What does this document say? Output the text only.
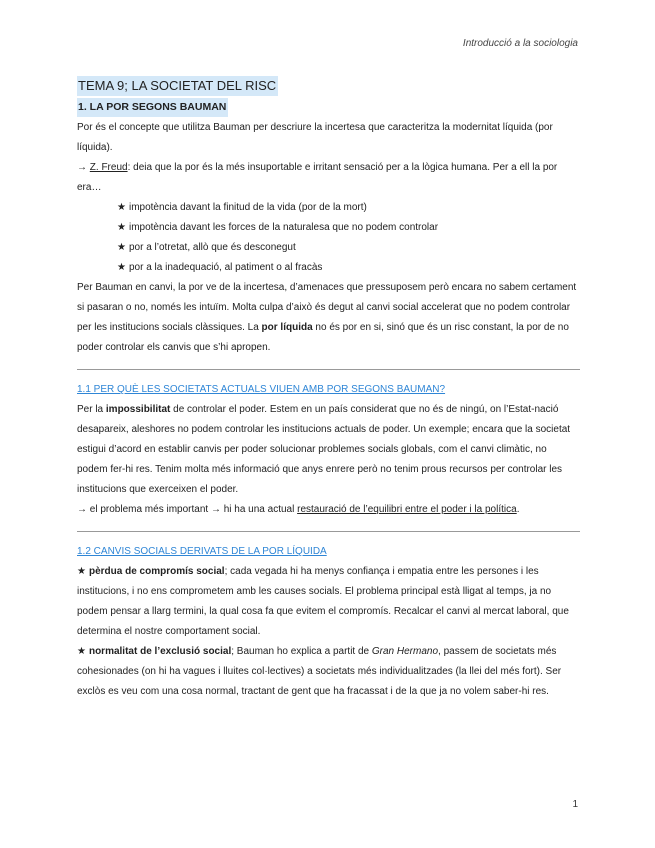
Introducció a la sociologia
TEMA 9; LA SOCIETAT DEL RISC
1. LA POR SEGONS BAUMAN

Por és el concepte que utilitza Bauman per descriure la incertesa que caracteritza la modernitat líquida (por líquida).

→ Z. Freud: deia que la por és la més insuportable e irritant sensació per a la lògica humana. Per a ell la por era…

★ impotència davant la finitud de la vida (por de la mort)
★ impotència davant les forces de la naturalesa que no podem controlar
★ por a l’otretat, allò que és desconegut
★ por a la inadequació, al patiment o al fracàs

Per Bauman en canvi, la por ve de la incertesa, d’amenaces que pressuposem però encara no sabem certament si pasaran o no, només les intuïm. Molta culpa d’això és degut al canvi social accelerat que no podem controlar per les institucions socials clàssiques. La por líquida no és por en si, sinó que és un risc constant, la por de no poder controlar els canvis que s’hi apropen.

1.1 PER QUÈ LES SOCIETATS ACTUALS VIUEN AMB POR SEGONS BAUMAN?

Per la impossibilitat de controlar el poder. Estem en un país considerat que no és de ningú, on l’Estat-nació desapareix, aleshores no podem controlar les institucions actuals de poder. Un exemple; encara que la societat estigui d’acord en establir canvis per poder solucionar problemes socials globals, com el canvi climàtic, no podem fer-hi res. Tenim molta més informació que anys enrere però no tenim prous recursos per controlar les institucions que exerceixen el poder.

→ el problema més important → hi ha una actual restauració de l’equilibri entre el poder i la política.

1.2 CANVIS SOCIALS DERIVATS DE LA POR LÍQUIDA

★ pèrdua de compromís social; cada vegada hi ha menys confiança i empatia entre les persones i les institucions, i no ens comprometem amb les causes socials. El problema principal està lligat al temps, ja no podem pensar a llarg termini, la qual cosa fa que evitem el compromís. Recalcar el canvi al mercat laboral, que determina el nostre comportament social.

★ normalitat de l’exclusió social; Bauman ho explica a partit de Gran Hermano, passem de societats més cohesionades (on hi ha vagues i lluites col·lectives) a societats més individualitzades (la llei del més fort). Ser exclòs es veu com una cosa normal, tractant de gent que ha fracassat i de la que ja no volem saber-hi res.

1
